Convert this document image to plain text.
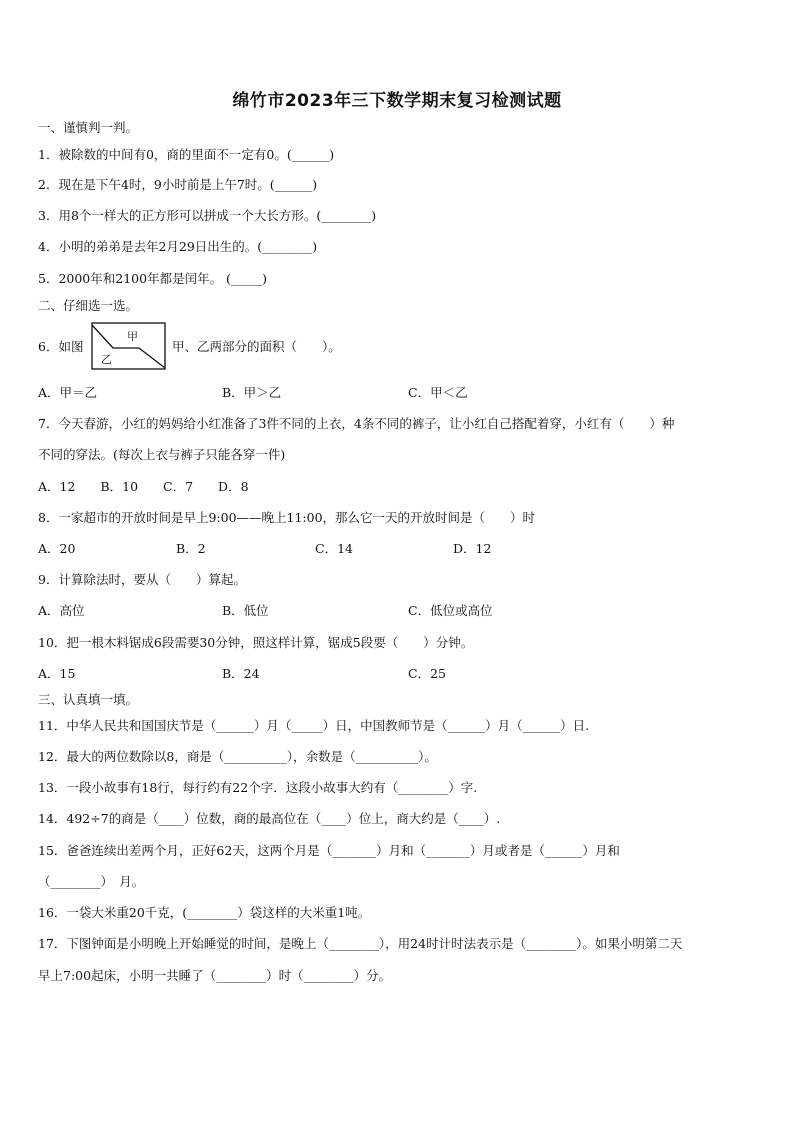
绵竹市2023年三下数学期末复习检测试题
一、谨慎判一判。
1．被除数的中间有0，商的里面不一定有0。(______)
2．现在是下午4时，9小时前是上午7时。(______)
3．用8个一样大的正方形可以拼成一个大长方形。(________)
4．小明的弟弟是去年2月29日出生的。(________)
5．2000年和2100年都是闰年。 (_____)
二、仔细选一选。
6．如图
甲
乙
甲、乙两部分的面积（　　）。
A．甲＝乙	B．甲＞乙	C．甲＜乙
7．今天春游，小红的妈妈给小红准备了3件不同的上衣，4条不同的裤子，让小红自己搭配着穿，小红有（　　）种
不同的穿法。(每次上衣与裤子只能各穿一件)
A．12　　B．10　　C．7　　D．8
8．一家超市的开放时间是早上9:00——晚上11:00，那么它一天的开放时间是（　　）时
A．20	B．2	C．14	D．12
9．计算除法时，要从（　　）算起。
A．高位	B．低位	C．低位或高位
10．把一根木料锯成6段需要30分钟，照这样计算，锯成5段要（　　）分钟。
A．15	B．24	C．25
三、认真填一填。
11．中华人民共和国国庆节是（______）月（_____）日，中国教师节是（______）月（______）日.
12．最大的两位数除以8，商是（__________），余数是（__________）。
13．一段小故事有18行，每行约有22个字．这段小故事大约有（________）字.
14．492÷7的商是（____）位数，商的最高位在（____）位上，商大约是（____）.
15．爸爸连续出差两个月，正好62天，这两个月是（_______）月和（_______）月或者是（______）月和
（________）　月。
16．一袋大米重20千克，(________）袋这样的大米重1吨。
17．下图钟面是小明晚上开始睡觉的时间，是晚上（________），用24时计时法表示是（________）。如果小明第二天
早上7:00起床，小明一共睡了（________）时（________）分。
